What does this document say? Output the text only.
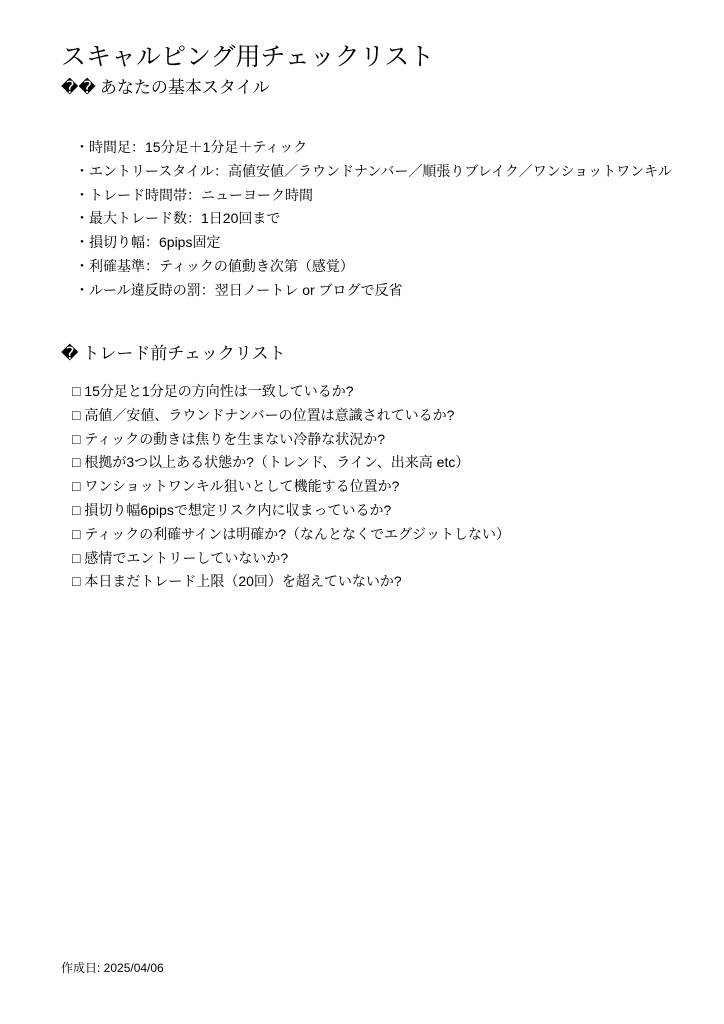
スキャルピング用チェックリスト
�� あなたの基本スタイル
・時間足：15分足＋1分足＋ティック
・エントリースタイル：高値安値／ラウンドナンバー／順張りブレイク／ワンショットワンキル
・トレード時間帯：ニューヨーク時間
・最大トレード数：1日20回まで
・損切り幅：6pips固定
・利確基準：ティックの値動き次第（感覚）
・ルール違反時の罰：翌日ノートレ or ブログで反省
� トレード前チェックリスト
□ 15分足と1分足の方向性は一致しているか?
□ 高値／安値、ラウンドナンバーの位置は意識されているか?
□ ティックの動きは焦りを生まない冷静な状況か?
□ 根拠が3つ以上ある状態か?（トレンド、ライン、出来高 etc）
□ ワンショットワンキル狙いとして機能する位置か?
□ 損切り幅6pipsで想定リスク内に収まっているか?
□ ティックの利確サインは明確か?（なんとなくでエグジットしない）
□ 感情でエントリーしていないか?
□ 本日まだトレード上限（20回）を超えていないか?
作成日: 2025/04/06
